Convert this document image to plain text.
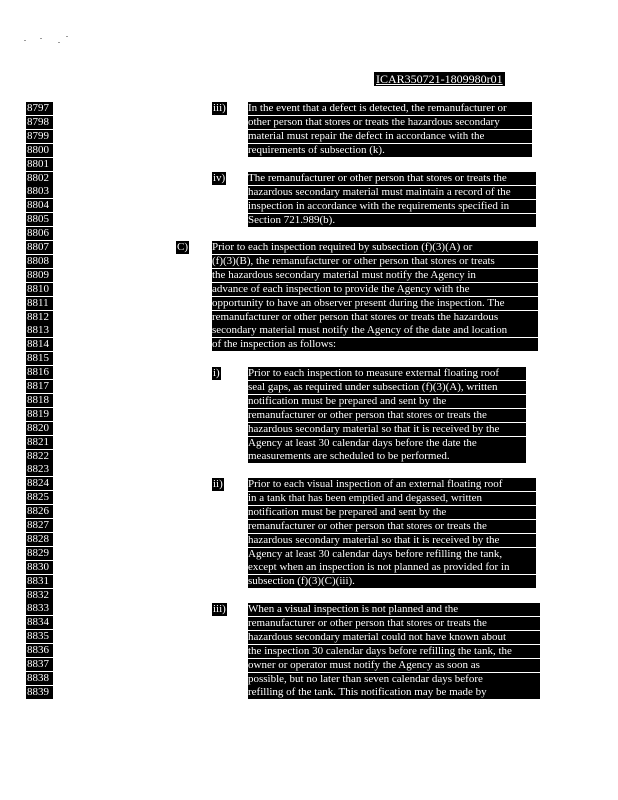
ICAR350721-1809980r01
8797
8798
8799
8800
8801
8802
8803
8804
8805
8806
8807
8808
8809
8810
8811
8812
8813
8814
8815
8816
8817
8818
8819
8820
8821
8822
8823
8824
8825
8826
8827
8828
8829
8830
8831
8832
8833
8834
8835
8836
8837
8838
8839
iii)
iv)
C)
i)
ii)
iii)
In the event that a defect is detected, the remanufacturer or
other person that stores or treats the hazardous secondary
material must repair the defect in accordance with the
requirements of subsection (k).
The remanufacturer or other person that stores or treats the
hazardous secondary material must maintain a record of the
inspection in accordance with the requirements specified in
Section 721.989(b).
Prior to each inspection required by subsection (f)(3)(A) or
(f)(3)(B), the remanufacturer or other person that stores or treats
the hazardous secondary material must notify the Agency in
advance of each inspection to provide the Agency with the
opportunity to have an observer present during the inspection. The
remanufacturer or other person that stores or treats the hazardous
secondary material must notify the Agency of the date and location
of the inspection as follows:
Prior to each inspection to measure external floating roof
seal gaps, as required under subsection (f)(3)(A), written
notification must be prepared and sent by the
remanufacturer or other person that stores or treats the
hazardous secondary material so that it is received by the
Agency at least 30 calendar days before the date the
measurements are scheduled to be performed.
Prior to each visual inspection of an external floating roof
in a tank that has been emptied and degassed, written
notification must be prepared and sent by the
remanufacturer or other person that stores or treats the
hazardous secondary material so that it is received by the
Agency at least 30 calendar days before refilling the tank,
except when an inspection is not planned as provided for in
subsection (f)(3)(C)(iii).
When a visual inspection is not planned and the
remanufacturer or other person that stores or treats the
hazardous secondary material could not have known about
the inspection 30 calendar days before refilling the tank, the
owner or operator must notify the Agency as soon as
possible, but no later than seven calendar days before
refilling of the tank. This notification may be made by
